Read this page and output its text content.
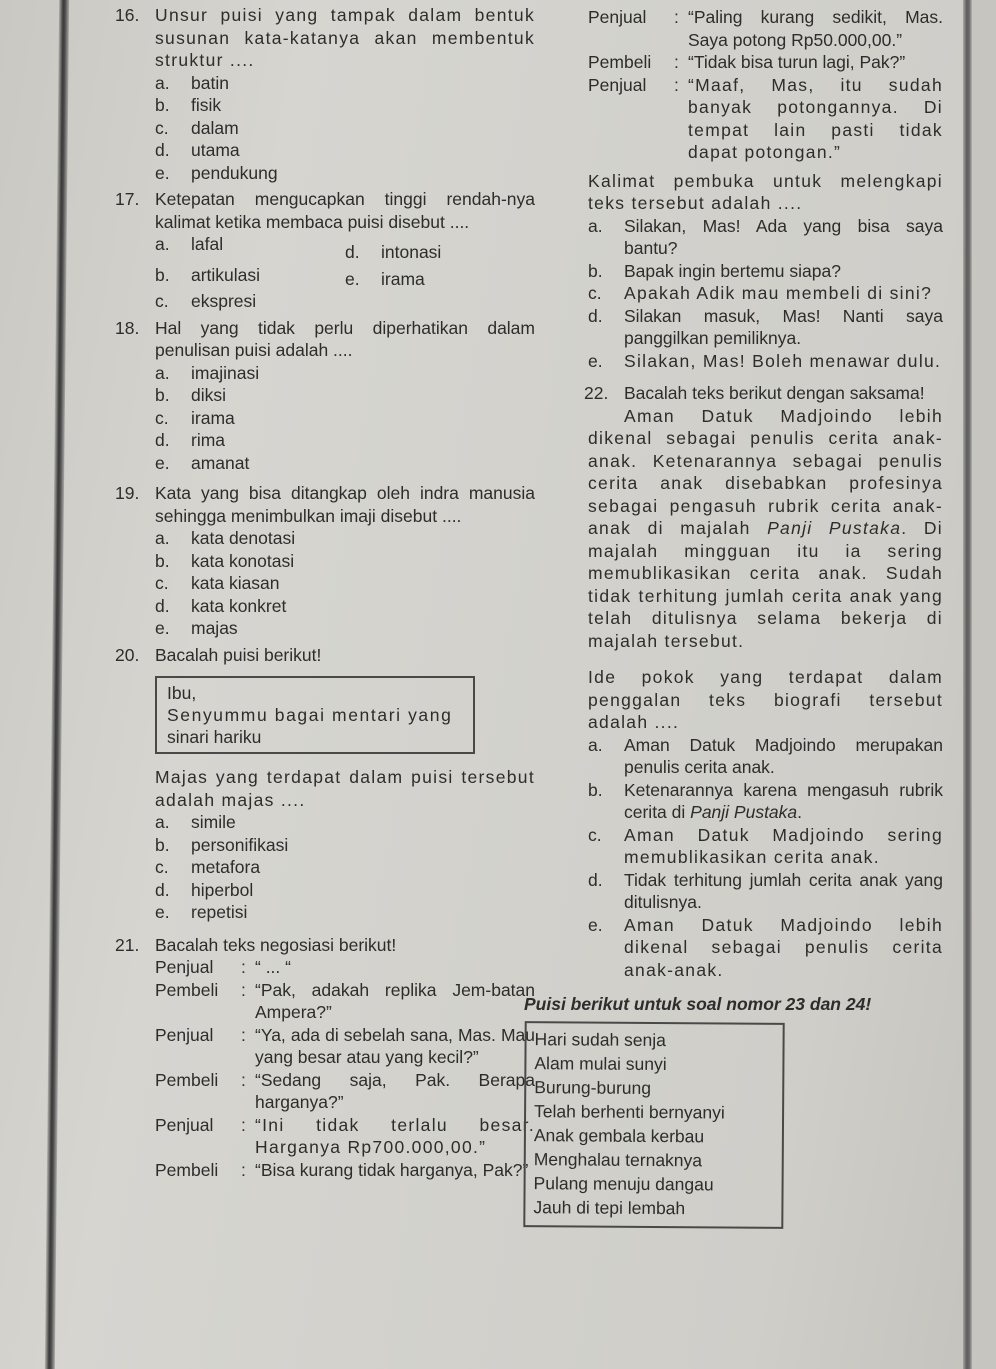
16. Unsur puisi yang tampak dalam bentuk susunan kata-katanya akan membentuk struktur ....
a.	batin
b.	fisik
c.	dalam
d.	utama
e.	pendukung
17. Ketepatan mengucapkan tinggi rendah-nya kalimat ketika membaca puisi disebut ....
a.	lafal	d.	intonasi
b.	artikulasi	e.	irama
c.	ekspresi
18. Hal yang tidak perlu diperhatikan dalam penulisan puisi adalah ....
a.	imajinasi
b.	diksi
c.	irama
d.	rima
e.	amanat
19. Kata yang bisa ditangkap oleh indra manusia sehingga menimbulkan imaji disebut ....
a.	kata denotasi
b.	kata konotasi
c.	kata kiasan
d.	kata konkret
e.	majas
20. Bacalah puisi berikut!
Ibu,
Senyummu bagai mentari yang
sinari hariku
Majas yang terdapat dalam puisi tersebut adalah majas ....
a.	simile
b.	personifikasi
c.	metafora
d.	hiperbol
e.	repetisi
21. Bacalah teks negosiasi berikut!
Penjual	: “ ... “
Pembeli	: “Pak, adakah replika Jem-batan Ampera?”
Penjual	: “Ya, ada di sebelah sana, Mas. Mau yang besar atau yang kecil?”
Pembeli	: “Sedang saja, Pak. Berapa harganya?”
Penjual	: “Ini tidak terlalu besar. Harganya Rp700.000,00.”
Pembeli	: “Bisa kurang tidak harganya, Pak?”
Penjual	: “Paling kurang sedikit, Mas. Saya potong Rp50.000,00.”
Pembeli	: “Tidak bisa turun lagi, Pak?”
Penjual	: “Maaf, Mas, itu sudah banyak potongannya. Di tempat lain pasti tidak dapat potongan.”
Kalimat pembuka untuk melengkapi teks tersebut adalah ....
a.	Silakan, Mas! Ada yang bisa saya bantu?
b.	Bapak ingin bertemu siapa?
c.	Apakah Adik mau membeli di sini?
d.	Silakan masuk, Mas! Nanti saya panggilkan pemiliknya.
e.	Silakan, Mas! Boleh menawar dulu.
22. Bacalah teks berikut dengan saksama!
Aman Datuk Madjoindo lebih dikenal sebagai penulis cerita anak-anak. Ketenarannya sebagai penulis cerita anak disebabkan profesinya sebagai pengasuh rubrik cerita anak-anak di majalah Panji Pustaka. Di majalah mingguan itu ia sering memublikasikan cerita anak. Sudah tidak terhitung jumlah cerita anak yang telah ditulisnya selama bekerja di majalah tersebut.
Ide pokok yang terdapat dalam penggalan teks biografi tersebut adalah ....
a.	Aman Datuk Madjoindo merupakan penulis cerita anak.
b.	Ketenarannya karena mengasuh rubrik cerita di Panji Pustaka.
c.	Aman Datuk Madjoindo sering memublikasikan cerita anak.
d.	Tidak terhitung jumlah cerita anak yang ditulisnya.
e.	Aman Datuk Madjoindo lebih dikenal sebagai penulis cerita anak-anak.
Puisi berikut untuk soal nomor 23 dan 24!
Hari sudah senja
Alam mulai sunyi
Burung-burung
Telah berhenti bernyanyi
Anak gembala kerbau
Menghalau ternaknya
Pulang menuju dangau
Jauh di tepi lembah
